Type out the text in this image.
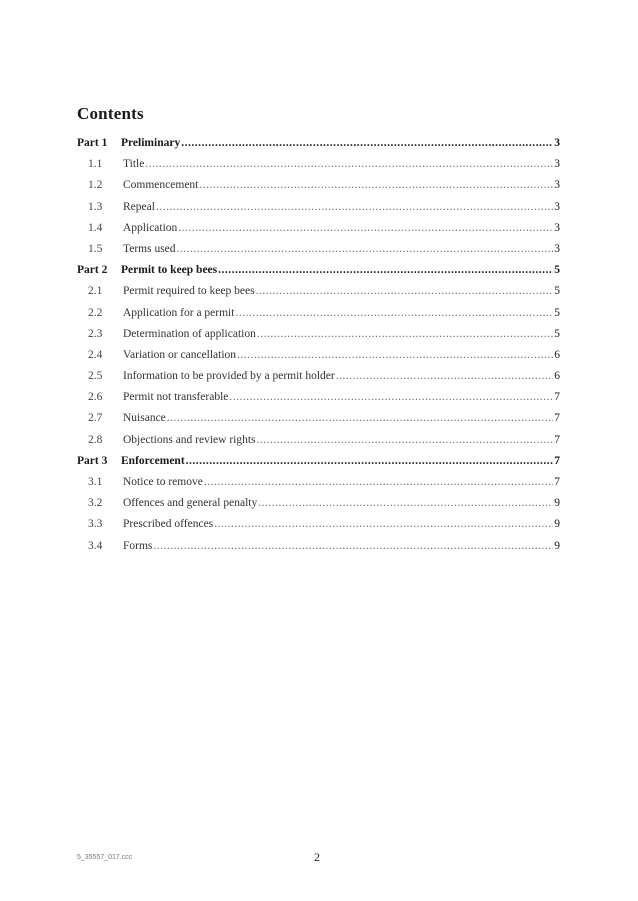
Contents
Part 1	Preliminary .....	3
1.1	Title .....	3
1.2	Commencement .....	3
1.3	Repeal .....	3
1.4	Application .....	3
1.5	Terms used .....	3
Part 2	Permit to keep bees .....	5
2.1	Permit required to keep bees .....	5
2.2	Application for a permit .....	5
2.3	Determination of application .....	5
2.4	Variation or cancellation .....	6
2.5	Information to be provided by a permit holder .....	6
2.6	Permit not transferable .....	7
2.7	Nuisance .....	7
2.8	Objections and review rights .....	7
Part 3	Enforcement .....	7
3.1	Notice to remove .....	7
3.2	Offences and general penalty .....	9
3.3	Prescribed offences .....	9
3.4	Forms .....	9
5_35557_017.ccc	2
